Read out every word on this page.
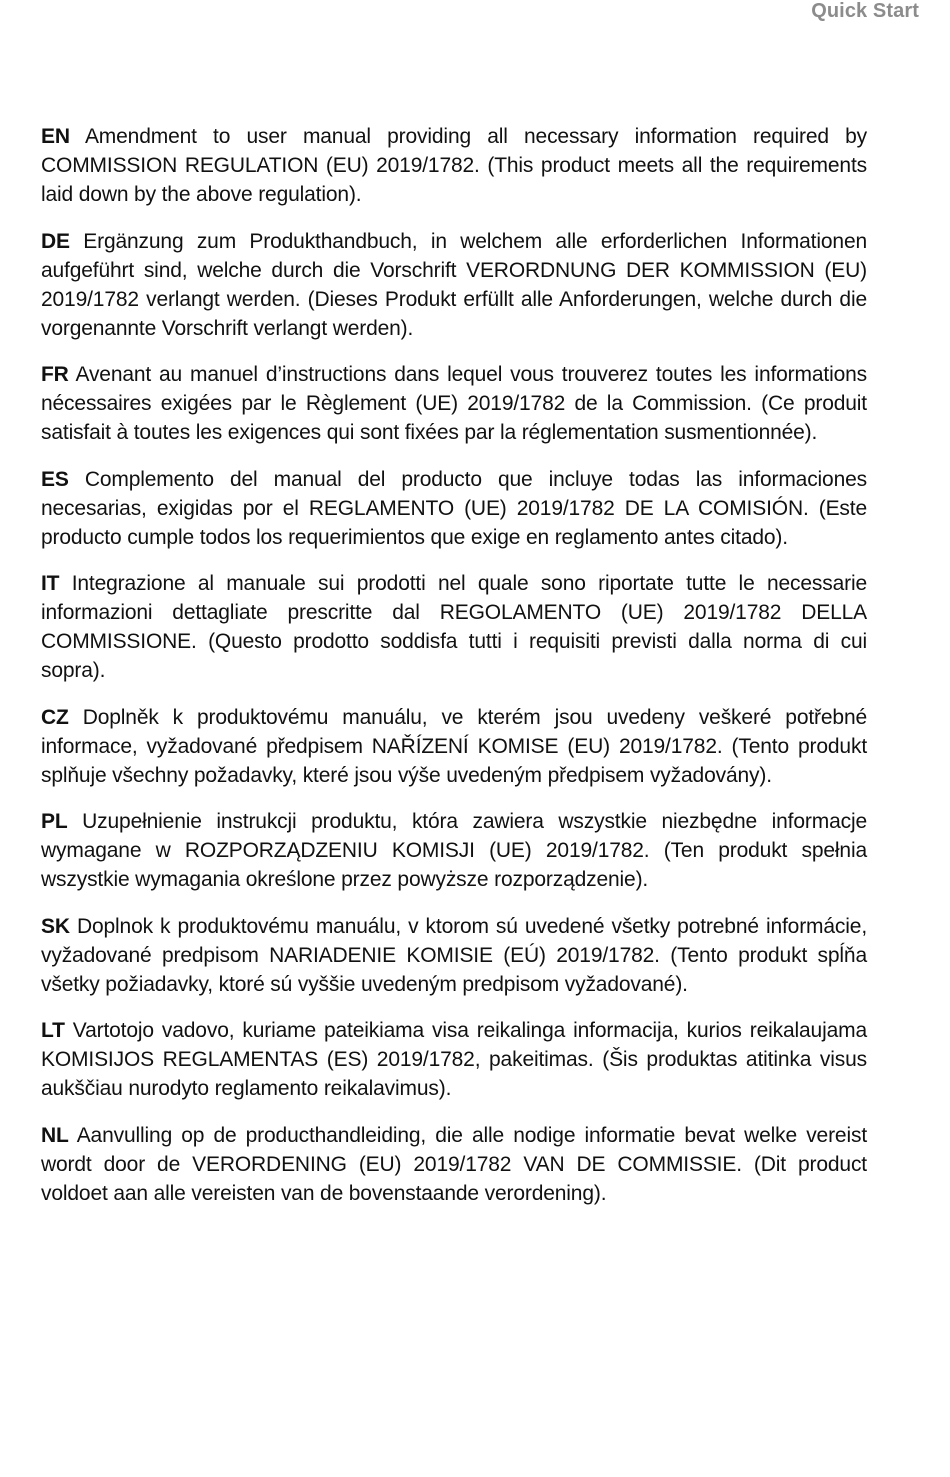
Quick Start

EN Amendment to user manual providing all necessary information required by COMMISSION REGULATION (EU) 2019/1782. (This product meets all the requirements laid down by the above regulation).

DE Ergänzung zum Produkthandbuch, in welchem alle erforderlichen Informationen aufgeführt sind, welche durch die Vorschrift VERORDNUNG DER KOMMISSION (EU) 2019/1782 verlangt werden. (Dieses Produkt erfüllt alle Anforderungen, welche durch die vorgenannte Vorschrift verlangt werden).

FR Avenant au manuel d’instructions dans lequel vous trouverez toutes les informations nécessaires exigées par le Règlement (UE) 2019/1782 de la Commission. (Ce produit satisfait à toutes les exigences qui sont fixées par la réglementation susmentionnée).

ES Complemento del manual del producto que incluye todas las informaciones necesarias, exigidas por el REGLAMENTO (UE) 2019/1782 DE LA COMISIÓN. (Este producto cumple todos los requerimientos que exige en reglamento antes citado).

IT Integrazione al manuale sui prodotti nel quale sono riportate tutte le necessarie informazioni dettagliate prescritte dal REGOLAMENTO (UE) 2019/1782 DELLA COMMISSIONE. (Questo prodotto soddisfa tutti i requisiti previsti dalla norma di cui sopra).

CZ Doplněk k produktovému manuálu, ve kterém jsou uvedeny veškeré potřebné informace, vyžadované předpisem NAŘÍZENÍ KOMISE (EU) 2019/1782. (Tento produkt splňuje všechny požadavky, které jsou výše uvedeným předpisem vyžadovány).

PL Uzupełnienie instrukcji produktu, która zawiera wszystkie niezbędne informacje wymagane w ROZPORZĄDZENIU KOMISJI (UE) 2019/1782. (Ten produkt spełnia wszystkie wymagania określone przez powyższe rozporządzenie).

SK Doplnok k produktovému manuálu, v ktorom sú uvedené všetky potrebné informácie, vyžadované predpisom NARIADENIE KOMISIE (EÚ) 2019/1782. (Tento produkt spĺňa všetky požiadavky, ktoré sú vyššie uvedeným predpisom vyžadované).

LT Vartotojo vadovo, kuriame pateikiama visa reikalinga informacija, kurios reikalaujama KOMISIJOS REGLAMENTAS (ES) 2019/1782, pakeitimas. (Šis produktas atitinka visus aukščiau nurodyto reglamento reikalavimus).

NL Aanvulling op de producthandleiding, die alle nodige informatie bevat welke vereist wordt door de VERORDENING (EU) 2019/1782 VAN DE COMMISSIE. (Dit product voldoet aan alle vereisten van de bovenstaande verordening).
